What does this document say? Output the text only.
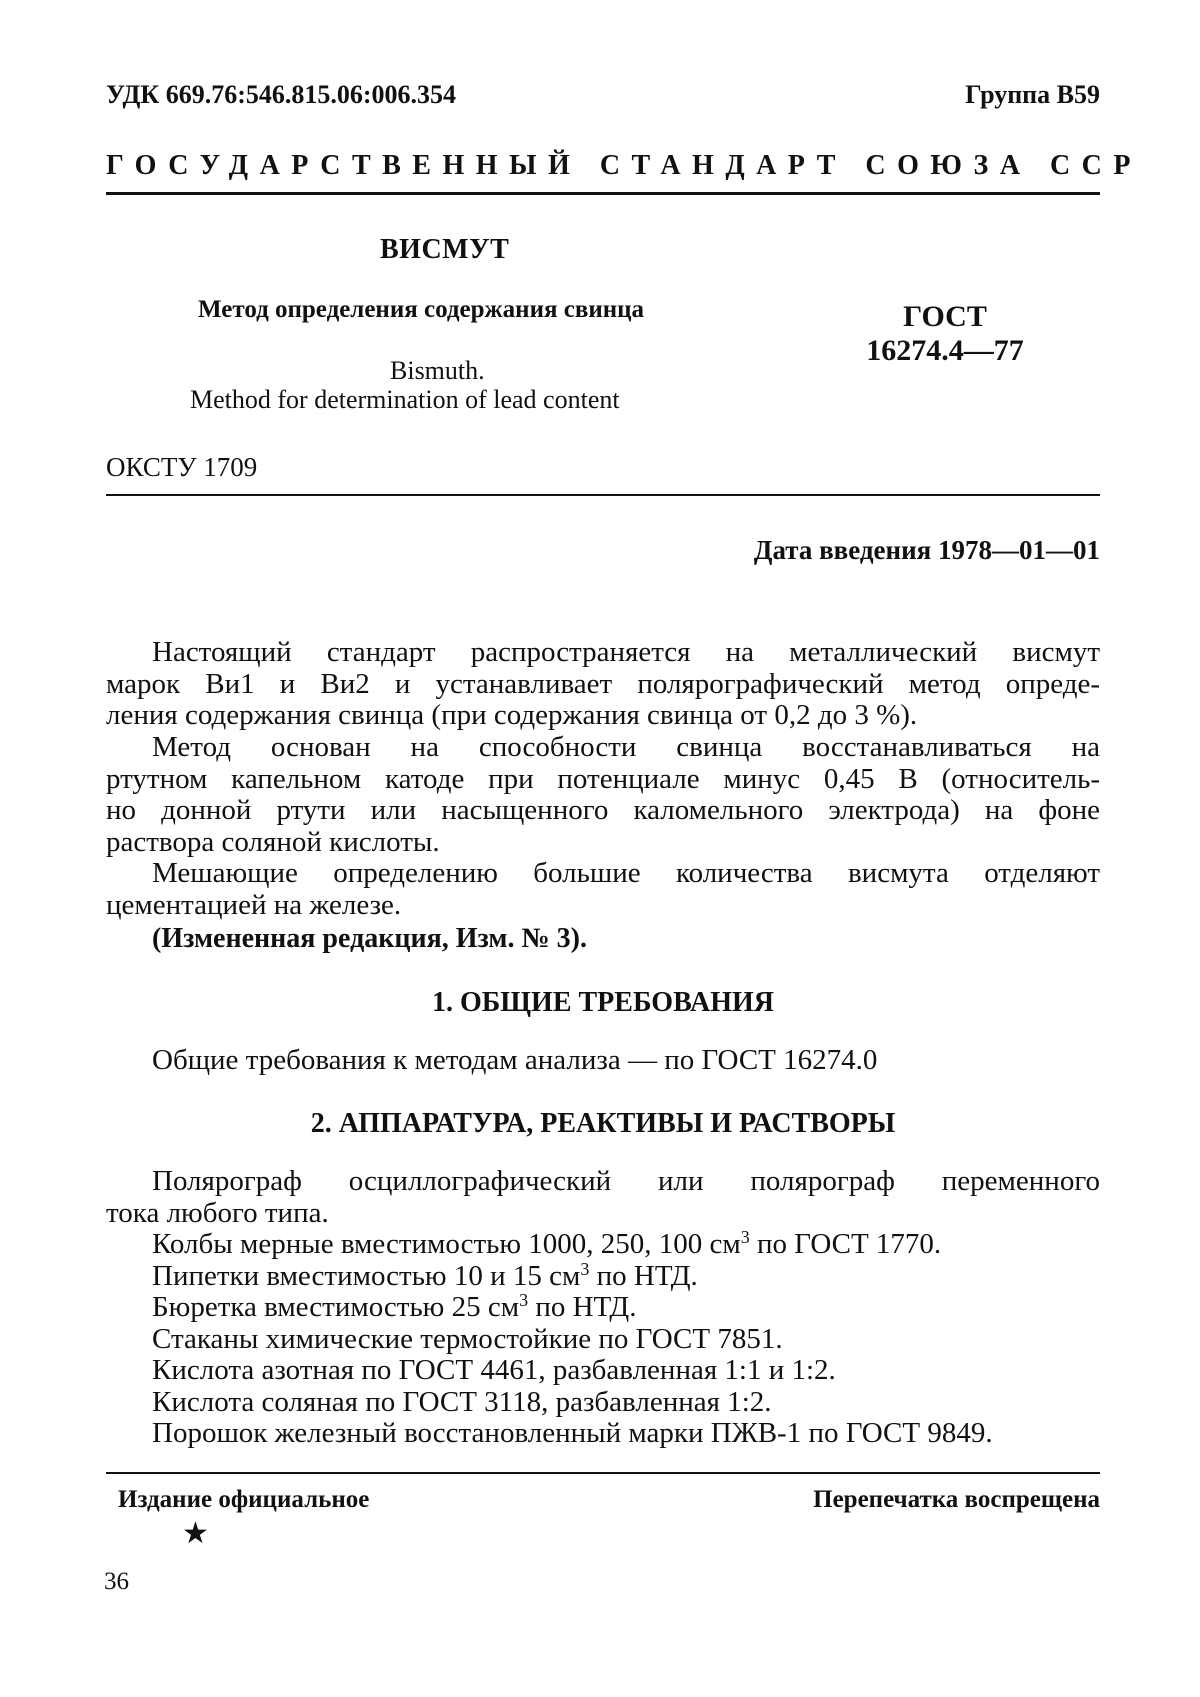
УДК 669.76:546.815.06:006.354	Группа В59
ГОСУДАРСТВЕННЫЙ СТАНДАРТ СОЮЗА ССР
ВИСМУТ
Метод определения содержания свинца
Bismuth.
Method for determination of lead content
ГОСТ
16274.4—77
ОКСТУ 1709
Дата введения 1978—01—01
Настоящий стандарт распространяется на металлический висмут
марок Ви1 и Ви2 и устанавливает полярографический метод опреде-
ления содержания свинца (при содержания свинца от 0,2 до 3 %).
Метод основан на способности свинца восстанавливаться на
ртутном капельном катоде при потенциале минус 0,45 В (относитель-
но донной ртути или насыщенного каломельного электрода) на фоне
раствора соляной кислоты.
Мешающие определению большие количества висмута отделяют
цементацией на железе.
(Измененная редакция, Изм. № 3).
1. ОБЩИЕ ТРЕБОВАНИЯ
Общие требования к методам анализа — по ГОСТ 16274.0
2. АППАРАТУРА, РЕАКТИВЫ И РАСТВОРЫ
Полярограф осциллографический или полярограф переменного
тока любого типа.
Колбы мерные вместимостью 1000, 250, 100 $см^3$ по ГОСТ 1770.
Пипетки вместимостью 10 и 15 $см^3$ по НТД.
Бюретка вместимостью 25 $см^3$ по НТД.
Стаканы химические термостойкие по ГОСТ 7851.
Кислота азотная по ГОСТ 4461, разбавленная 1:1 и 1:2.
Кислота соляная по ГОСТ 3118, разбавленная 1:2.
Порошок железный восстановленный марки ПЖВ-1 по ГОСТ 9849.
Издание официальное	Перепечатка воспрещена
★
36
